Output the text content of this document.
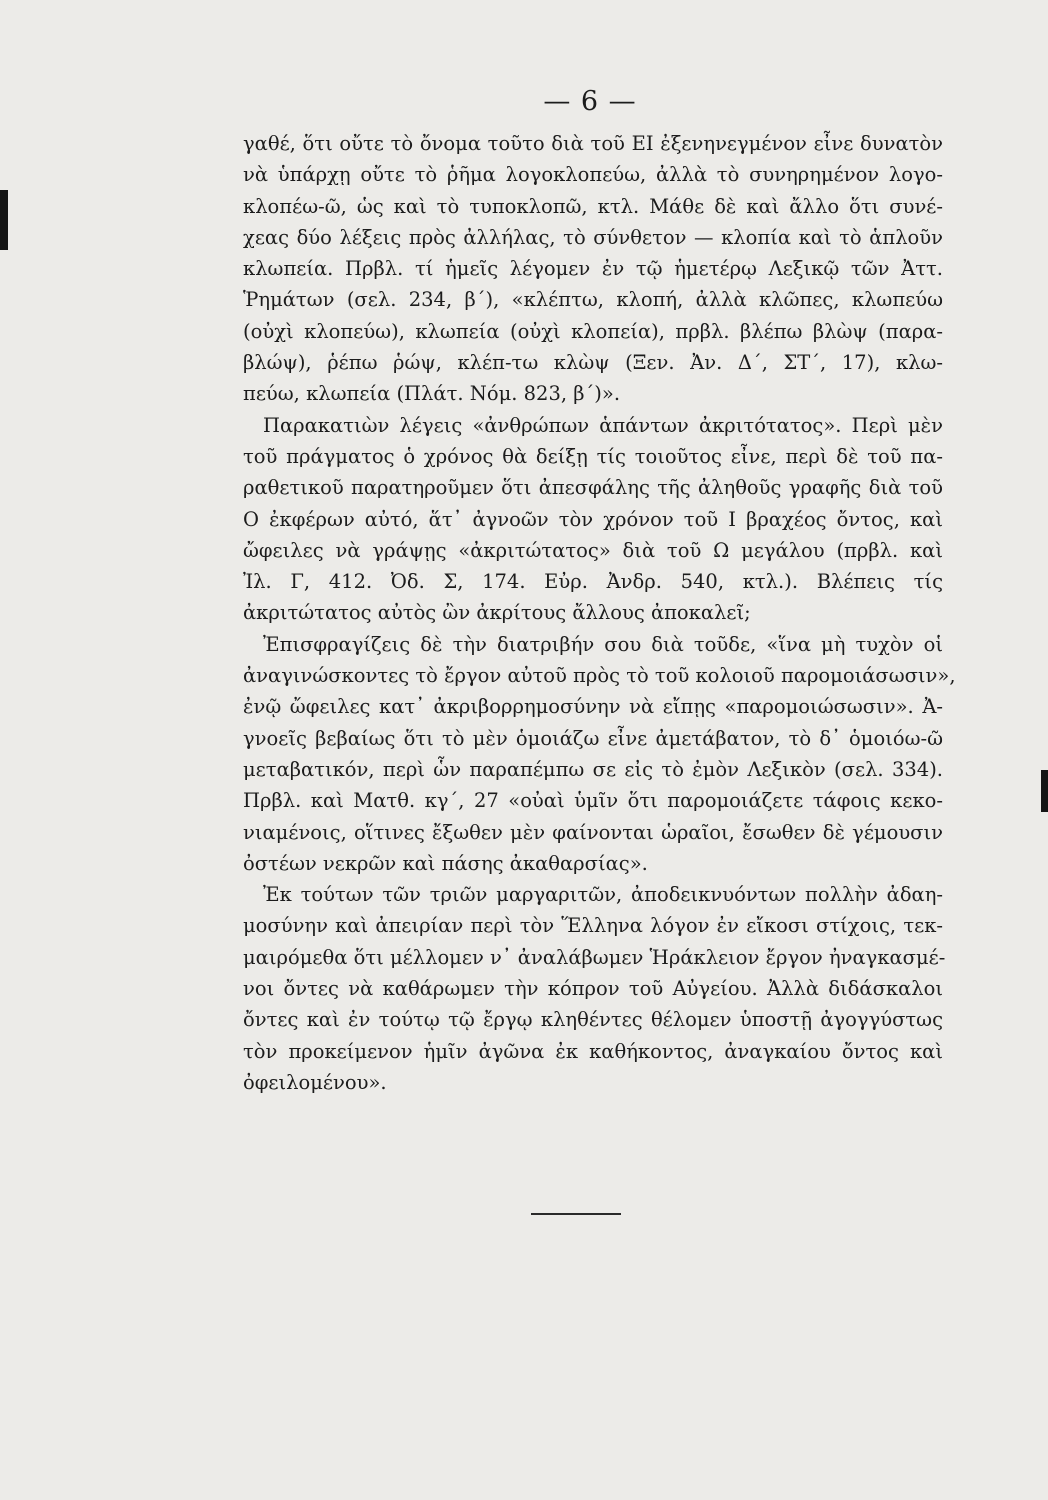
— 6 —
γαθέ, ὅτι οὔτε τὸ ὄνομα τοῦτο διὰ τοῦ ΕΙ ἐξενηνεγμένον εἶνε δυνατὸν
νὰ ὑπάρχῃ οὔτε τὸ ῥῆμα λογοκλοπεύω, ἀλλὰ τὸ συνηρημένον λογο-
κλοπέω-ῶ, ὡς καὶ τὸ τυποκλοπῶ, κτλ. Μάθε δὲ καὶ ἄλλο ὅτι συνέ-
χεας δύο λέξεις πρὸς ἀλλήλας, τὸ σύνθετον — κλοπία καὶ τὸ ἁπλοῦν
κλωπεία. Πρβλ. τί ἡμεῖς λέγομεν ἐν τῷ ἡμετέρῳ Λεξικῷ τῶν Ἀττ.
Ῥημάτων (σελ. 234, β΄), «κλέπτω, κλοπή, ἀλλὰ κλῶπες, κλωπεύω
(οὐχὶ κλοπεύω), κλωπεία (οὐχὶ κλοπεία), πρβλ. βλέπω βλὼψ (παρα-
βλώψ), ῥέπω ῥώψ, κλέπ-τω κλὼψ (Ξεν. Ἀν. Δ΄, ΣΤ΄, 17), κλω-
πεύω, κλωπεία (Πλάτ. Νόμ. 823, β΄)».
Παρακατιὼν λέγεις «ἀνθρώπων ἁπάντων ἀκριτότατος». Περὶ μὲν
τοῦ πράγματος ὁ χρόνος θὰ δείξῃ τίς τοιοῦτος εἶνε, περὶ δὲ τοῦ πα-
ραθετικοῦ παρατηροῦμεν ὅτι ἀπεσφάλης τῆς ἀληθοῦς γραφῆς διὰ τοῦ
Ο ἐκφέρων αὐτό, ἅτ᾽ ἀγνοῶν τὸν χρόνον τοῦ Ι βραχέος ὄντος, καὶ
ὤφειλες νὰ γράψῃς «ἀκριτώτατος» διὰ τοῦ Ω μεγάλου (πρβλ. καὶ
Ἰλ. Γ, 412. Ὀδ. Σ, 174. Εὐρ. Ἀνδρ. 540, κτλ.). Βλέπεις τίς
ἀκριτώτατος αὐτὸς ὢν ἀκρίτους ἄλλους ἀποκαλεῖ;
Ἐπισφραγίζεις δὲ τὴν διατριβήν σου διὰ τοῦδε, «ἵνα μὴ τυχὸν οἱ
ἀναγινώσκοντες τὸ ἔργον αὐτοῦ πρὸς τὸ τοῦ κολοιοῦ παρομοιάσωσιν»,
ἐνῷ ὤφειλες κατ᾽ ἀκριβορρημοσύνην νὰ εἴπῃς «παρομοιώσωσιν». Ἀ-
γνοεῖς βεβαίως ὅτι τὸ μὲν ὁμοιάζω εἶνε ἀμετάβατον, τὸ δ᾽ ὁμοιόω-ῶ
μεταβατικόν, περὶ ὧν παραπέμπω σε εἰς τὸ ἐμὸν Λεξικὸν (σελ. 334).
Πρβλ. καὶ Ματθ. κγ΄, 27 «οὐαὶ ὑμῖν ὅτι παρομοιάζετε τάφοις κεκο-
νιαμένοις, οἵτινες ἔξωθεν μὲν φαίνονται ὡραῖοι, ἔσωθεν δὲ γέμουσιν
ὀστέων νεκρῶν καὶ πάσης ἀκαθαρσίας».
Ἐκ τούτων τῶν τριῶν μαργαριτῶν, ἀποδεικνυόντων πολλὴν ἀδαη-
μοσύνην καὶ ἀπειρίαν περὶ τὸν Ἕλληνα λόγον ἐν εἴκοσι στίχοις, τεκ-
μαιρόμεθα ὅτι μέλλομεν ν᾽ ἀναλάβωμεν Ἡράκλειον ἔργον ἠναγκασμέ-
νοι ὄντες νὰ καθάρωμεν τὴν κόπρον τοῦ Αὐγείου. Ἀλλὰ διδάσκαλοι
ὄντες καὶ ἐν τούτῳ τῷ ἔργῳ κληθέντες θέλομεν ὑποστῇ ἀγογγύστως
τὸν προκείμενον ἡμῖν ἀγῶνα ἐκ καθήκοντος, ἀναγκαίου ὄντος καὶ
ὀφειλομένου».
